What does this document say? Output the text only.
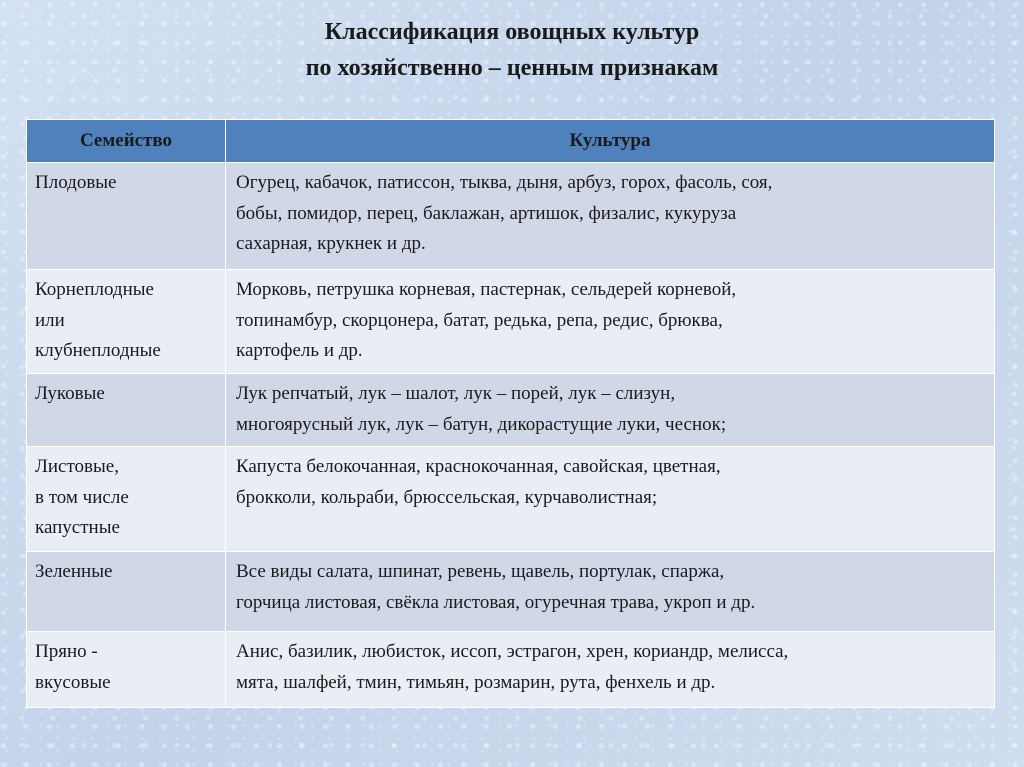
Классификация овощных культур
по хозяйственно – ценным признакам
Семейство	Культура

Плодовые	Огурец, кабачок, патиссон, тыква, дыня, арбуз, горох, фасоль, соя,
бобы, помидор, перец, баклажан, артишок, физалис, кукуруза
сахарная, крукнек и др.

Корнеплодные
или
клубнеплодные	Морковь, петрушка корневая, пастернак, сельдерей корневой,
топинамбур, скорцонера, батат, редька, репа, редис, брюква,
картофель и др.

Луковые	Лук репчатый, лук – шалот, лук – порей, лук – слизун,
многоярусный лук, лук – батун, дикорастущие луки, чеснок;

Листовые,
в том числе
капустные	Капуста белокочанная, краснокочанная, савойская, цветная,
брокколи, кольраби, брюссельская, курчаволистная;

Зеленные	Все виды салата, шпинат, ревень, щавель, портулак, спаржа,
горчица листовая, свёкла листовая, огуречная трава, укроп и др.

Пряно -
вкусовые	Анис, базилик, любисток, иссоп, эстрагон, хрен, кориандр, мелисса,
мята, шалфей, тмин, тимьян, розмарин, рута, фенхель и др.
